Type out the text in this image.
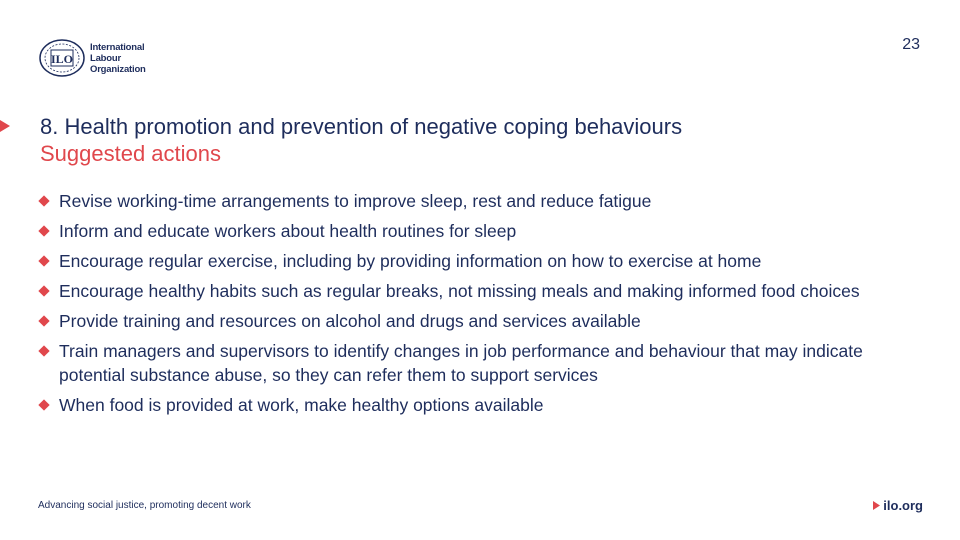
ILO
International
Labour
Organization
23
8. Health promotion and prevention of negative coping behaviours
Suggested actions
Revise working-time arrangements to improve sleep, rest and reduce fatigue
Inform and educate workers about health routines for sleep
Encourage regular exercise, including by providing information on how to exercise at home
Encourage healthy habits such as regular breaks, not missing meals and making informed food choices
Provide training and resources on alcohol and drugs and services available
Train managers and supervisors to identify changes in job performance and behaviour that may indicate potential substance abuse, so they can refer them to support services
When food is provided at work, make healthy options available
Advancing social justice, promoting decent work	ilo.org
